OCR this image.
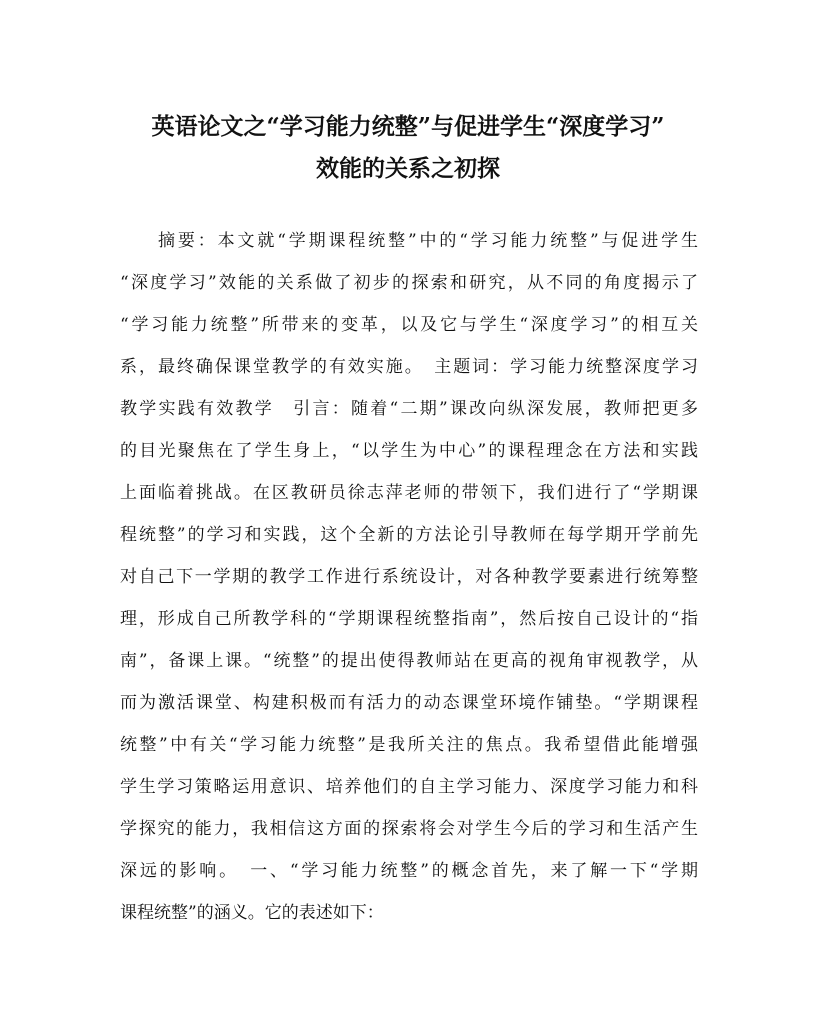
英语论文之“学习能力统整”与促进学生“深度学习”
效能的关系之初探
摘要：本文就“学期课程统整”中的“学习能力统整”与促进学生
“深度学习”效能的关系做了初步的探索和研究，从不同的角度揭示了
“学习能力统整”所带来的变革，以及它与学生“深度学习”的相互关
系，最终确保课堂教学的有效实施。　主题词：学习能力统整深度学习
教学实践有效教学　引言：随着“二期”课改向纵深发展，教师把更多
的目光聚焦在了学生身上，“以学生为中心”的课程理念在方法和实践
上面临着挑战。在区教研员徐志萍老师的带领下，我们进行了“学期课
程统整”的学习和实践，这个全新的方法论引导教师在每学期开学前先
对自己下一学期的教学工作进行系统设计，对各种教学要素进行统筹整
理，形成自己所教学科的“学期课程统整指南”，然后按自己设计的“指
南”，备课上课。“统整”的提出使得教师站在更高的视角审视教学，从
而为激活课堂、构建积极而有活力的动态课堂环境作铺垫。“学期课程
统整”中有关“学习能力统整”是我所关注的焦点。我希望借此能增强
学生学习策略运用意识、培养他们的自主学习能力、深度学习能力和科
学探究的能力，我相信这方面的探索将会对学生今后的学习和生活产生
深远的影响。　一、“学习能力统整”的概念首先，来了解一下“学期
课程统整”的涵义。它的表述如下：
